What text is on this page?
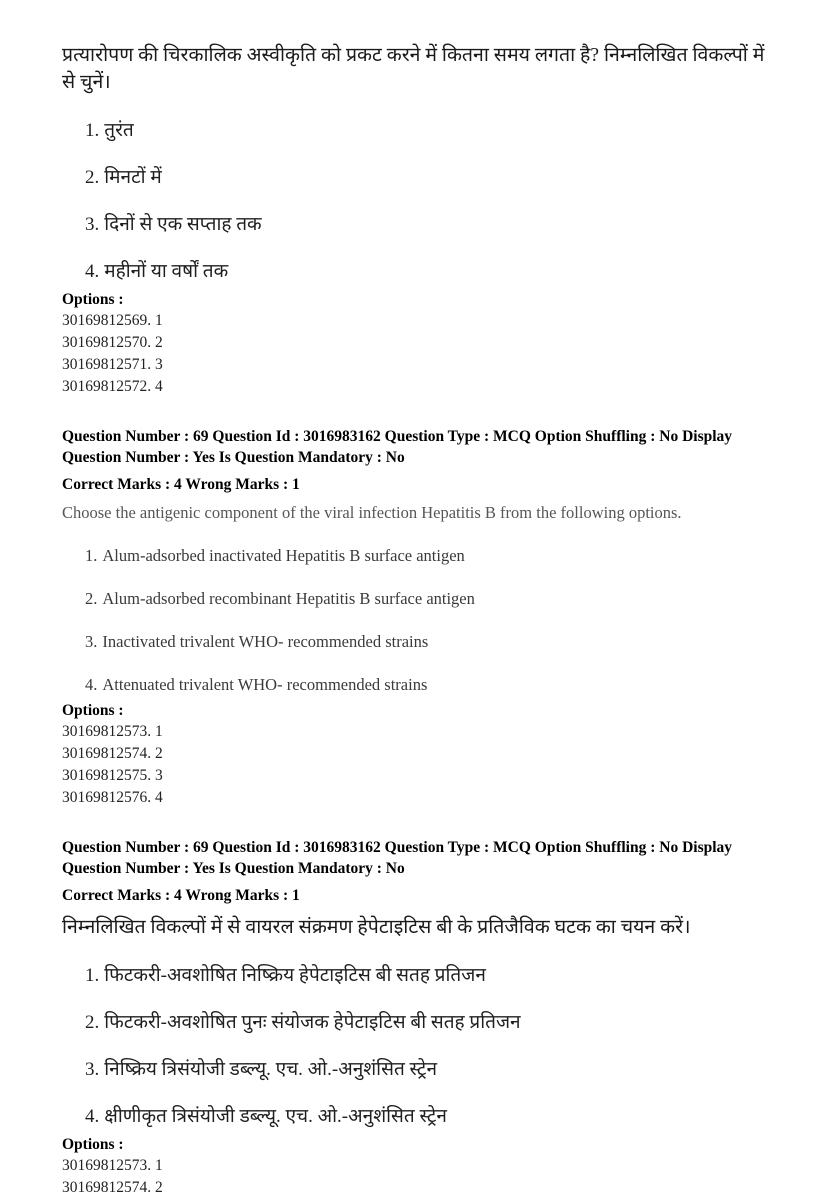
प्रत्यारोपण की चिरकालिक अस्वीकृति को प्रकट करने में कितना समय लगता है? निम्नलिखित विकल्पों में से चुनें।

1. तुरंत

2. मिनटों में

3. दिनों से एक सप्ताह तक

4. महीनों या वर्षों तक

Options :

30169812569. 1

30169812570. 2

30169812571. 3

30169812572. 4

Question Number : 69 Question Id : 3016983162 Question Type : MCQ Option Shuffling : No Display Question Number : Yes Is Question Mandatory : No

Correct Marks : 4 Wrong Marks : 1

Choose the antigenic component of the viral infection Hepatitis B from the following options.

1. Alum-adsorbed inactivated Hepatitis B surface antigen

2. Alum-adsorbed recombinant Hepatitis B surface antigen

3. Inactivated trivalent WHO- recommended strains

4. Attenuated trivalent WHO- recommended strains

Options :

30169812573. 1

30169812574. 2

30169812575. 3

30169812576. 4

Question Number : 69 Question Id : 3016983162 Question Type : MCQ Option Shuffling : No Display Question Number : Yes Is Question Mandatory : No

Correct Marks : 4 Wrong Marks : 1

निम्नलिखित विकल्पों में से वायरल संक्रमण हेपेटाइटिस बी के प्रतिजैविक घटक का चयन करें।

1. फिटकरी-अवशोषित निष्क्रिय हेपेटाइटिस बी सतह प्रतिजन

2. फिटकरी-अवशोषित पुनः संयोजक हेपेटाइटिस बी सतह प्रतिजन

3. निष्क्रिय त्रिसंयोजी डब्ल्यू. एच. ओ.-अनुशंसित स्ट्रेन

4. क्षीणीकृत त्रिसंयोजी डब्ल्यू. एच. ओ.-अनुशंसित स्ट्रेन

Options :

30169812573. 1

30169812574. 2
